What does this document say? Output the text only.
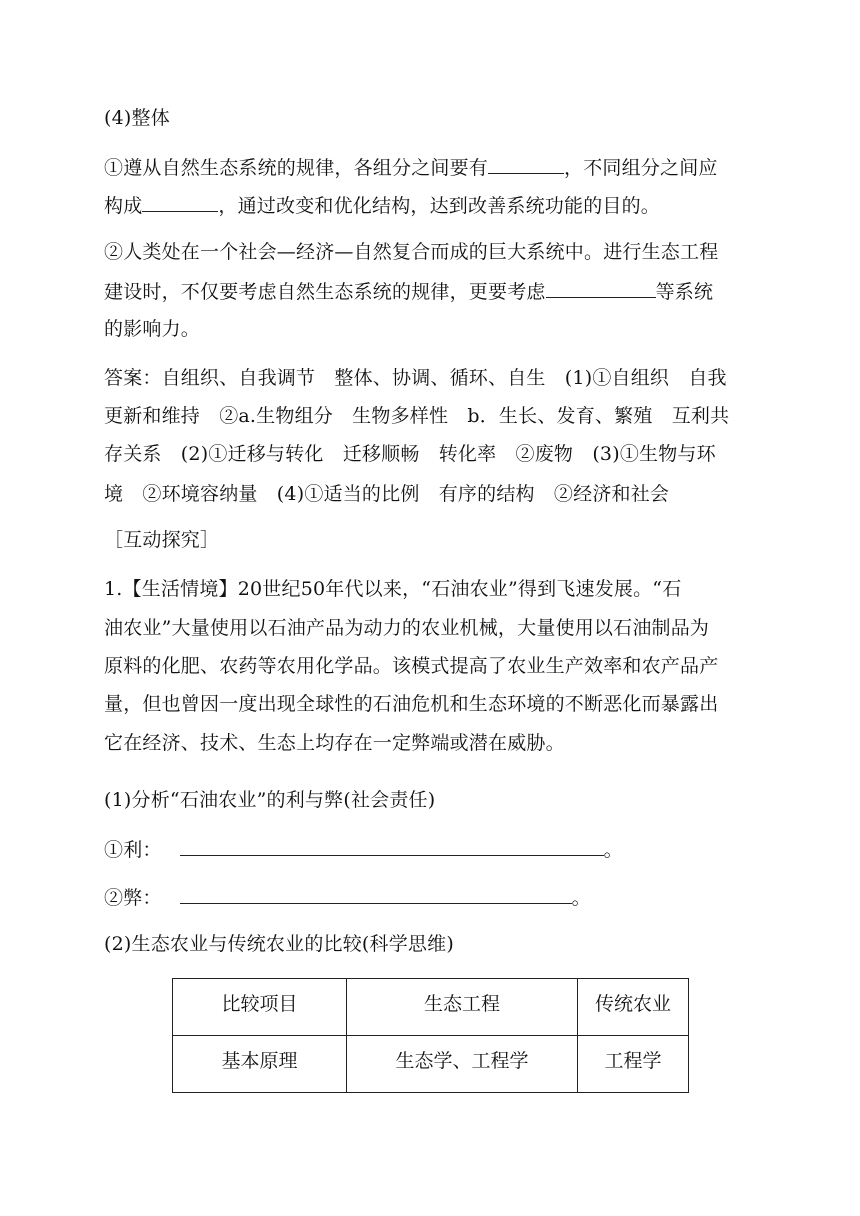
(4)整体
①遵从自然生态系统的规律，各组分之间要有	，不同组分之间应
构成	，通过改变和优化结构，达到改善系统功能的目的。
②人类处在一个社会—经济—自然复合而成的巨大系统中。进行生态工程
建设时，不仅要考虑自然生态系统的规律，更要考虑	等系统
的影响力。
答案：自组织、自我调节　整体、协调、循环、自生　(1)①自组织　自我
更新和维持　②a.生物组分　生物多样性　b．生长、发育、繁殖　互利共
存关系　(2)①迁移与转化　迁移顺畅　转化率　②废物　(3)①生物与环
境　②环境容纳量　(4)①适当的比例　有序的结构　②经济和社会
［互动探究］
1.【生活情境】20世纪50年代以来，“石油农业”得到飞速发展。“石
油农业”大量使用以石油产品为动力的农业机械，大量使用以石油制品为
原料的化肥、农药等农用化学品。该模式提高了农业生产效率和农产品产
量，但也曾因一度出现全球性的石油危机和生态环境的不断恶化而暴露出
它在经济、技术、生态上均存在一定弊端或潜在威胁。
(1)分析“石油农业”的利与弊(社会责任)
①利：	。
②弊：	。
(2)生态农业与传统农业的比较(科学思维)
比较项目	生态工程	传统农业
基本原理	生态学、工程学	工程学
